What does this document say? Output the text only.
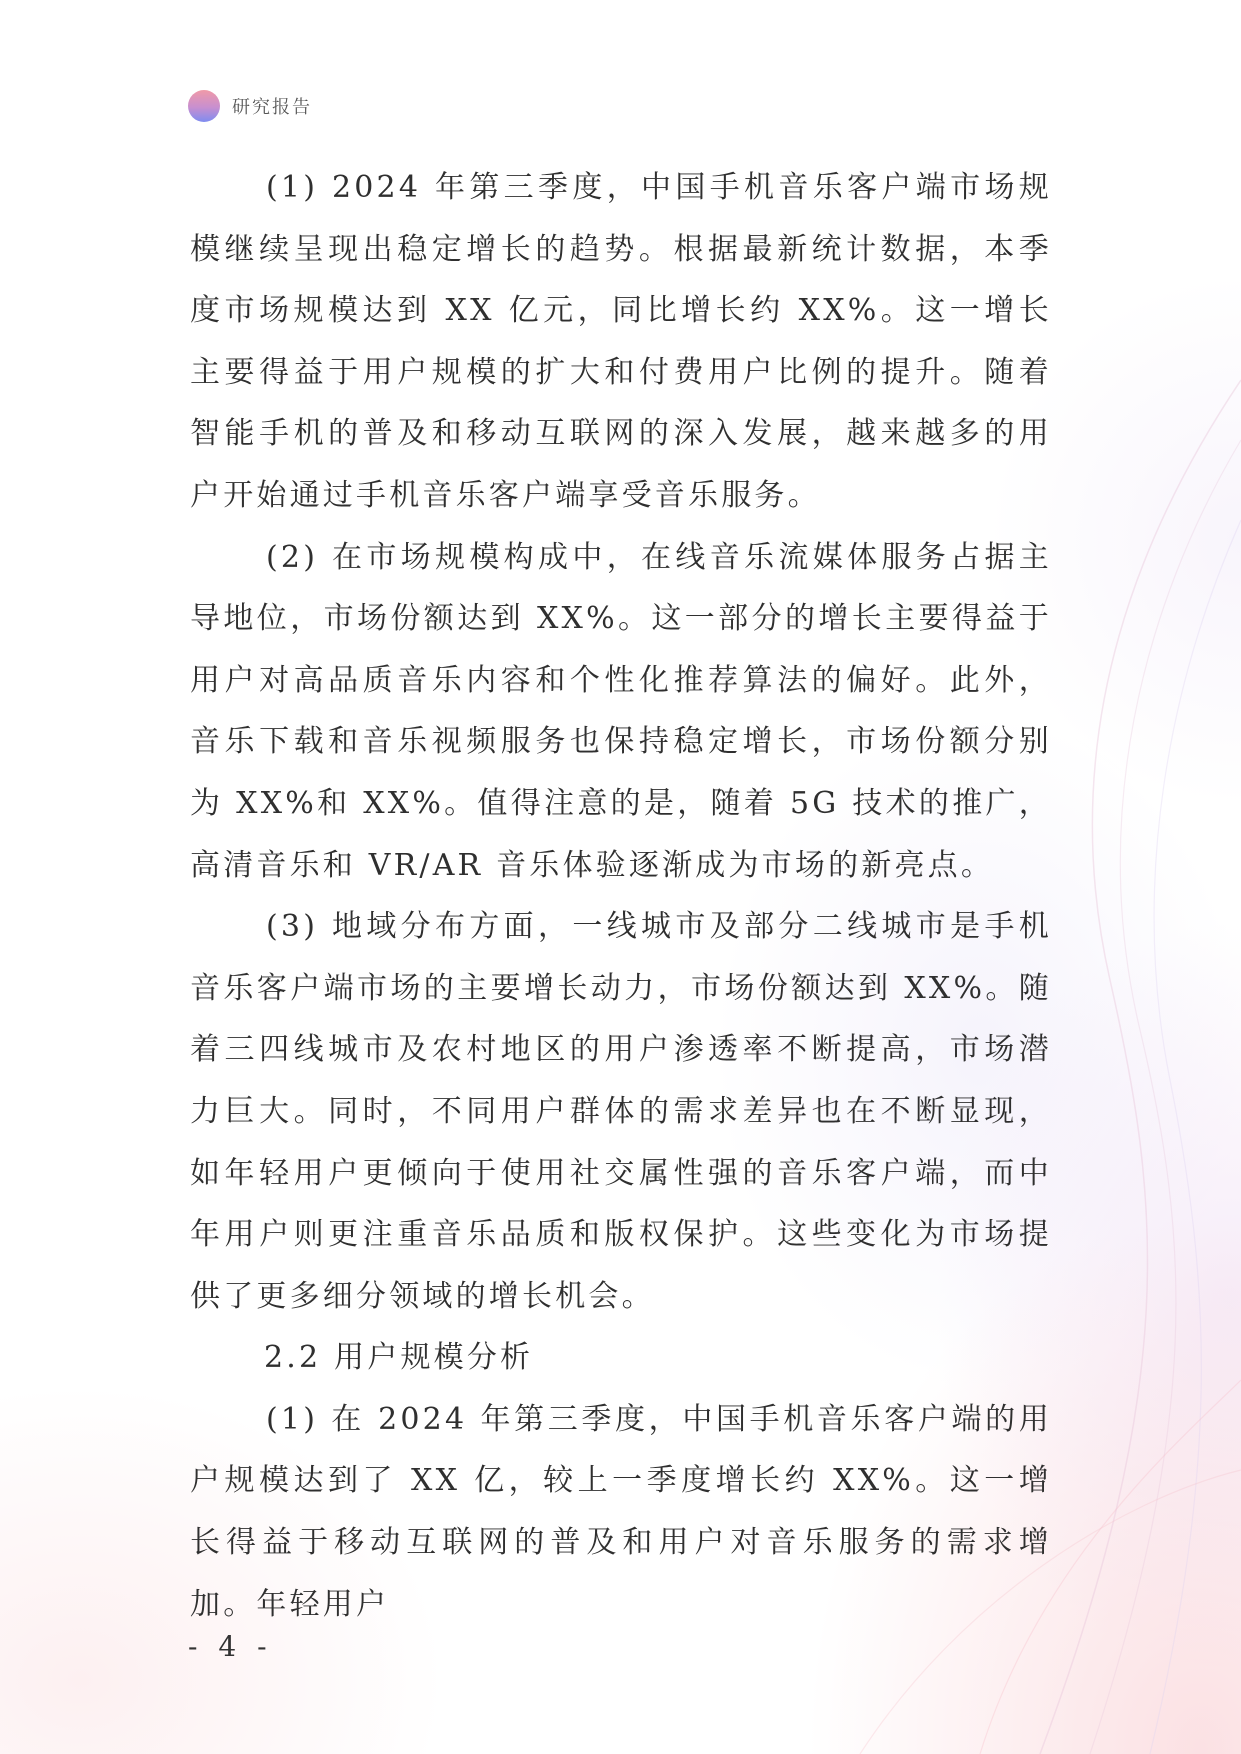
研究报告

(1) 2024 年第三季度，中国手机音乐客户端市场规模继续呈现出稳定增长的趋势。根据最新统计数据，本季度市场规模达到 XX 亿元，同比增长约 XX%。这一增长主要得益于用户规模的扩大和付费用户比例的提升。随着智能手机的普及和移动互联网的深入发展，越来越多的用户开始通过手机音乐客户端享受音乐服务。

(2) 在市场规模构成中，在线音乐流媒体服务占据主导地位，市场份额达到 XX%。这一部分的增长主要得益于用户对高品质音乐内容和个性化推荐算法的偏好。此外，音乐下载和音乐视频服务也保持稳定增长，市场份额分别为 XX%和 XX%。值得注意的是，随着 5G 技术的推广，高清音乐和 VR/AR 音乐体验逐渐成为市场的新亮点。

(3) 地域分布方面，一线城市及部分二线城市是手机音乐客户端市场的主要增长动力，市场份额达到 XX%。随着三四线城市及农村地区的用户渗透率不断提高，市场潜力巨大。同时，不同用户群体的需求差异也在不断显现，如年轻用户更倾向于使用社交属性强的音乐客户端，而中年用户则更注重音乐品质和版权保护。这些变化为市场提供了更多细分领域的增长机会。

2.2 用户规模分析

(1) 在 2024 年第三季度，中国手机音乐客户端的用户规模达到了 XX 亿，较上一季度增长约 XX%。这一增长得益于移动互联网的普及和用户对音乐服务的需求增加。年轻用户

- 4 -
